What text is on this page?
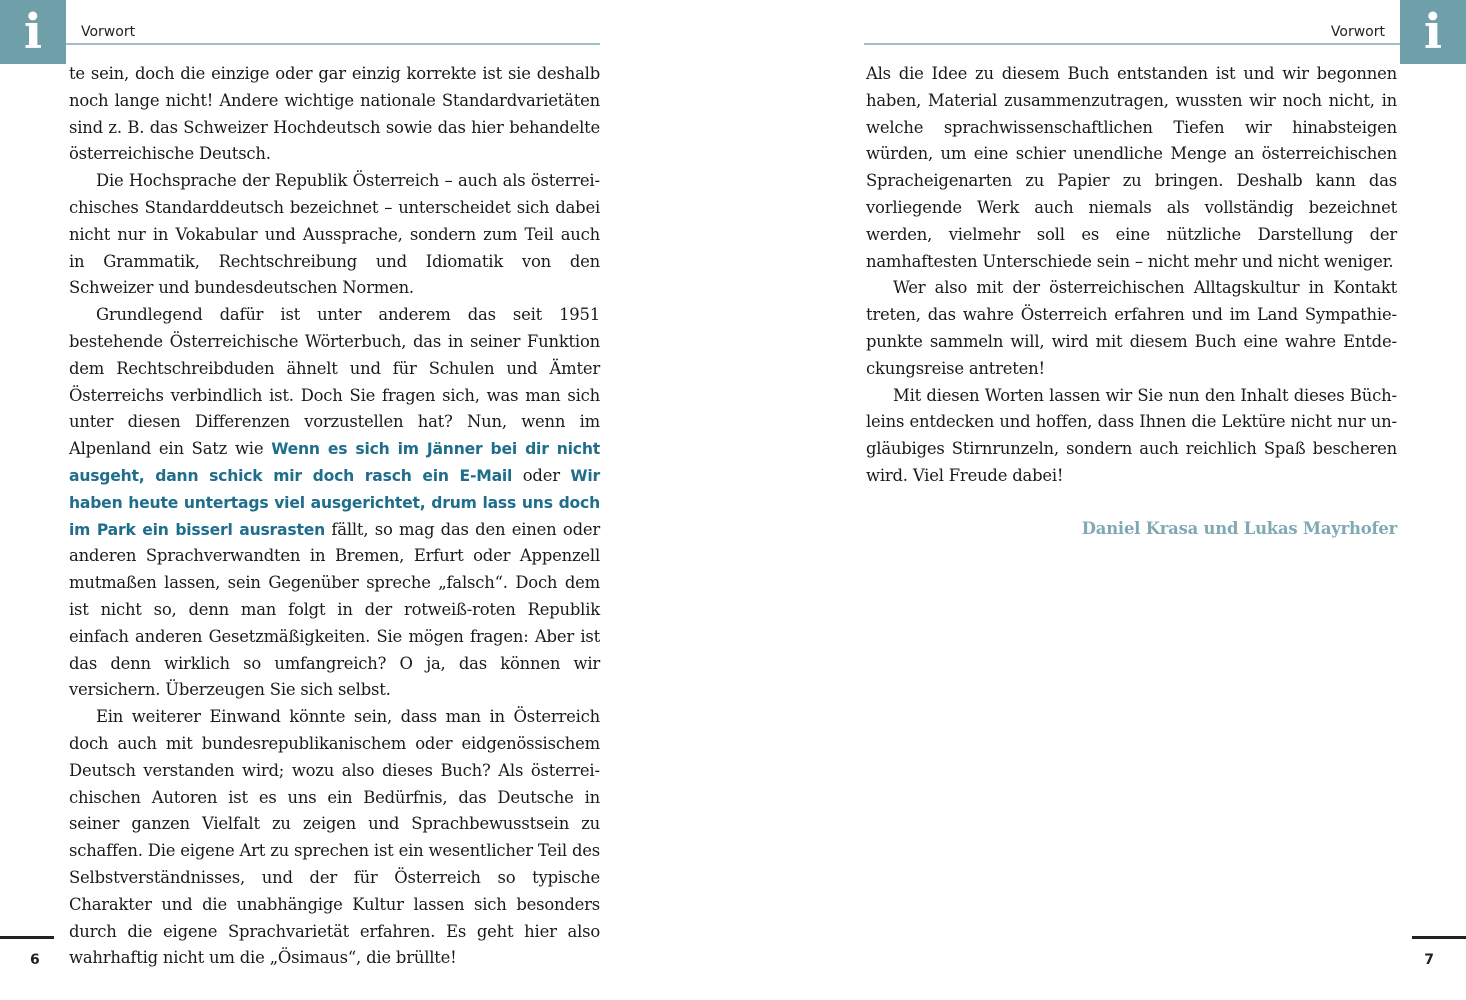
i	Vorwort

te sein, doch die einzige oder gar einzig korrekte ist sie deshalb noch lange nicht! Andere wichtige nationale Standardvarietäten sind z. B. das Schweizer Hochdeutsch sowie das hier behandelte österreichische Deutsch.

Die Hochsprache der Republik Österreich – auch als österreichisches Standarddeutsch bezeichnet – unterscheidet sich dabei nicht nur in Vokabular und Aussprache, sondern zum Teil auch in Grammatik, Rechtschreibung und Idiomatik von den Schweizer und bundesdeutschen Normen.

Grundlegend dafür ist unter anderem das seit 1951 bestehende Österreichische Wörterbuch, das in seiner Funktion dem Rechtschreibduden ähnelt und für Schulen und Ämter Österreichs verbindlich ist. Doch Sie fragen sich, was man sich unter diesen Differenzen vorzustellen hat? Nun, wenn im Alpenland ein Satz wie Wenn es sich im Jänner bei dir nicht ausgeht, dann schick mir doch rasch ein E-Mail oder Wir haben heute untertags viel ausgerichtet, drum lass uns doch im Park ein bisserl ausrasten fällt, so mag das den einen oder anderen Sprachverwandten in Bremen, Erfurt oder Appenzell mutmaßen lassen, sein Gegenüber spreche „falsch“. Doch dem ist nicht so, denn man folgt in der rotweiß-roten Republik einfach anderen Gesetzmäßigkeiten. Sie mögen fragen: Aber ist das denn wirklich so umfangreich? O ja, das können wir versichern. Überzeugen Sie sich selbst.

Ein weiterer Einwand könnte sein, dass man in Österreich doch auch mit bundesrepublikanischem oder eidgenössischem Deutsch verstanden wird; wozu also dieses Buch? Als österreichischen Autoren ist es uns ein Bedürfnis, das Deutsche in seiner ganzen Vielfalt zu zeigen und Sprachbewusstsein zu schaffen. Die eigene Art zu sprechen ist ein wesentlicher Teil des Selbstverständnisses, und der für Österreich so typische Charakter und die unabhängige Kultur lassen sich besonders durch die eigene Sprachvarietät erfahren. Es geht hier also wahrhaftig nicht um die „Ösimaus“, die brüllte!

6
i
Vorwort

Als die Idee zu diesem Buch entstanden ist und wir begonnen haben, Material zusammenzutragen, wussten wir noch nicht, in welche sprachwissenschaftlichen Tiefen wir hinabsteigen würden, um eine schier unendliche Menge an österreichischen Spracheigenarten zu Papier zu bringen. Deshalb kann das vorliegende Werk auch niemals als vollständig bezeichnet werden, vielmehr soll es eine nützliche Darstellung der namhaftesten Unterschiede sein – nicht mehr und nicht weniger.

Wer also mit der österreichischen Alltagskultur in Kontakt treten, das wahre Österreich erfahren und im Land Sympathiepunkte sammeln will, wird mit diesem Buch eine wahre Entdeckungsreise antreten!

Mit diesen Worten lassen wir Sie nun den Inhalt dieses Büchleins entdecken und hoffen, dass Ihnen die Lektüre nicht nur ungläubiges Stirnrunzeln, sondern auch reichlich Spaß bescheren wird. Viel Freude dabei!

Daniel Krasa und Lukas Mayrhofer
7
